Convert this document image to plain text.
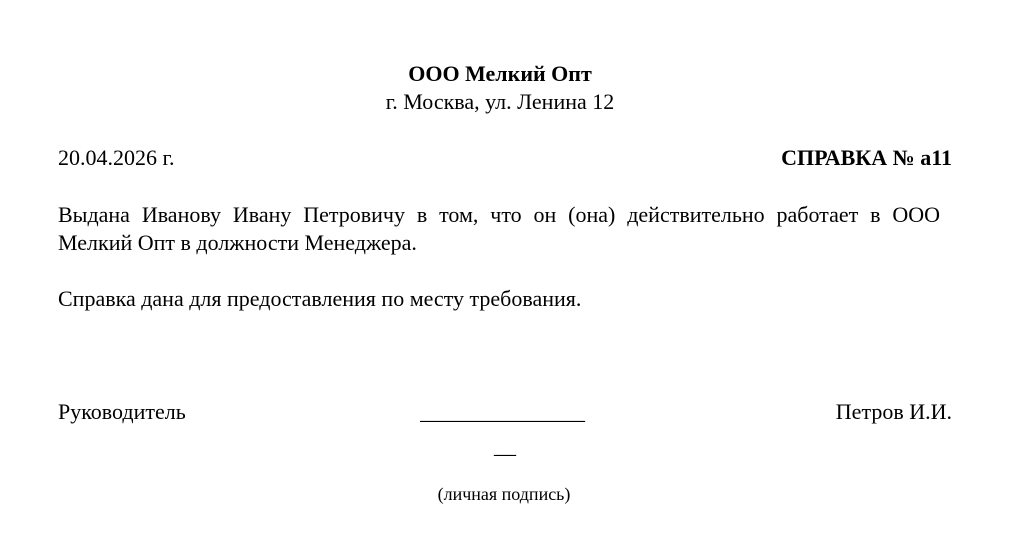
ООО Мелкий Опт

г. Москва, ул. Ленина 12

20.04.2026 г.	СПРАВКА № а11

Выдана Иванову Ивану Петровичу в том, что он (она) действительно работает в ООО Мелкий Опт в должности Менеджера.

Справка дана для предоставления по месту требования.

Руководитель	_______________

__

Петров И.И.

(личная подпись)
